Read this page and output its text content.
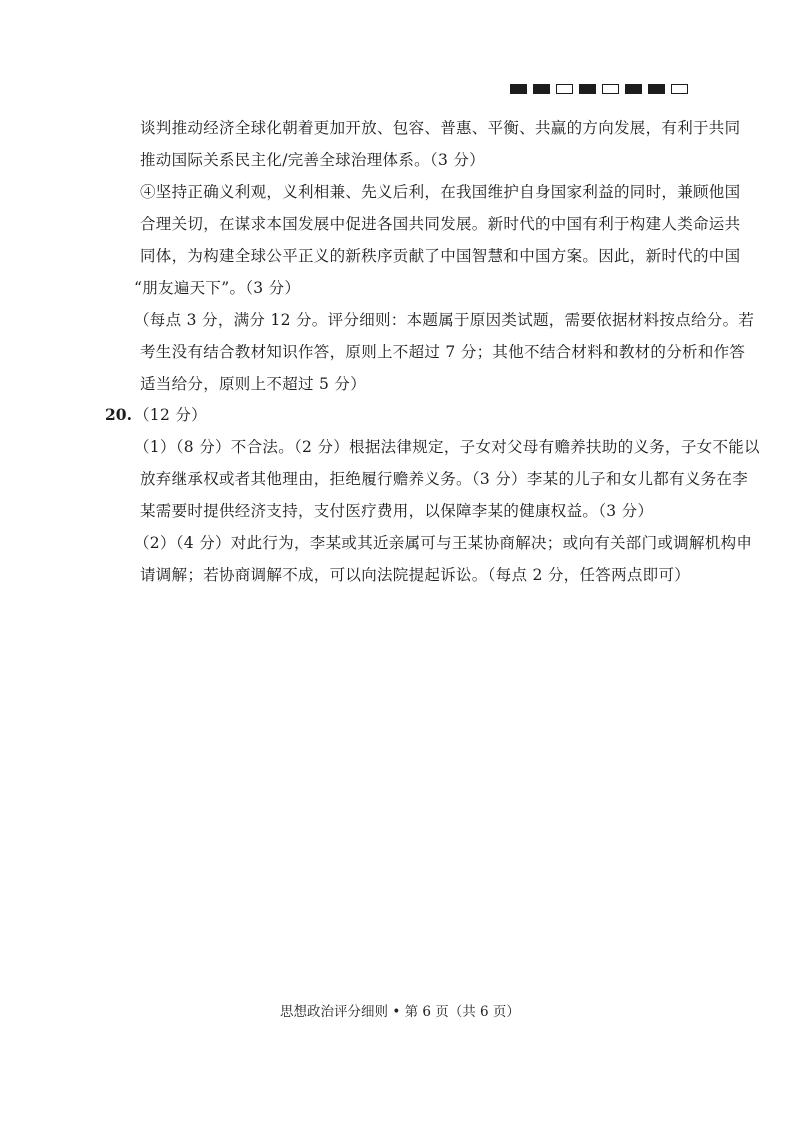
谈判推动经济全球化朝着更加开放、包容、普惠、平衡、共赢的方向发展，有利于共同
推动国际关系民主化/完善全球治理体系。（3 分）
④坚持正确义利观，义利相兼、先义后利，在我国维护自身国家利益的同时，兼顾他国
合理关切，在谋求本国发展中促进各国共同发展。新时代的中国有利于构建人类命运共
同体，为构建全球公平正义的新秩序贡献了中国智慧和中国方案。因此，新时代的中国
“朋友遍天下”。（3 分）
（每点 3 分，满分 12 分。评分细则：本题属于原因类试题，需要依据材料按点给分。若
考生没有结合教材知识作答，原则上不超过 7 分；其他不结合材料和教材的分析和作答
适当给分，原则上不超过 5 分）
20. （12 分）
（1）（8 分）不合法。（2 分）根据法律规定，子女对父母有赡养扶助的义务，子女不能以
放弃继承权或者其他理由，拒绝履行赡养义务。（3 分）李某的儿子和女儿都有义务在李
某需要时提供经济支持，支付医疗费用，以保障李某的健康权益。（3 分）
（2）（4 分）对此行为，李某或其近亲属可与王某协商解决；或向有关部门或调解机构申
请调解；若协商调解不成，可以向法院提起诉讼。（每点 2 分，任答两点即可）
思想政治评分细则 • 第 6 页（共 6 页）
